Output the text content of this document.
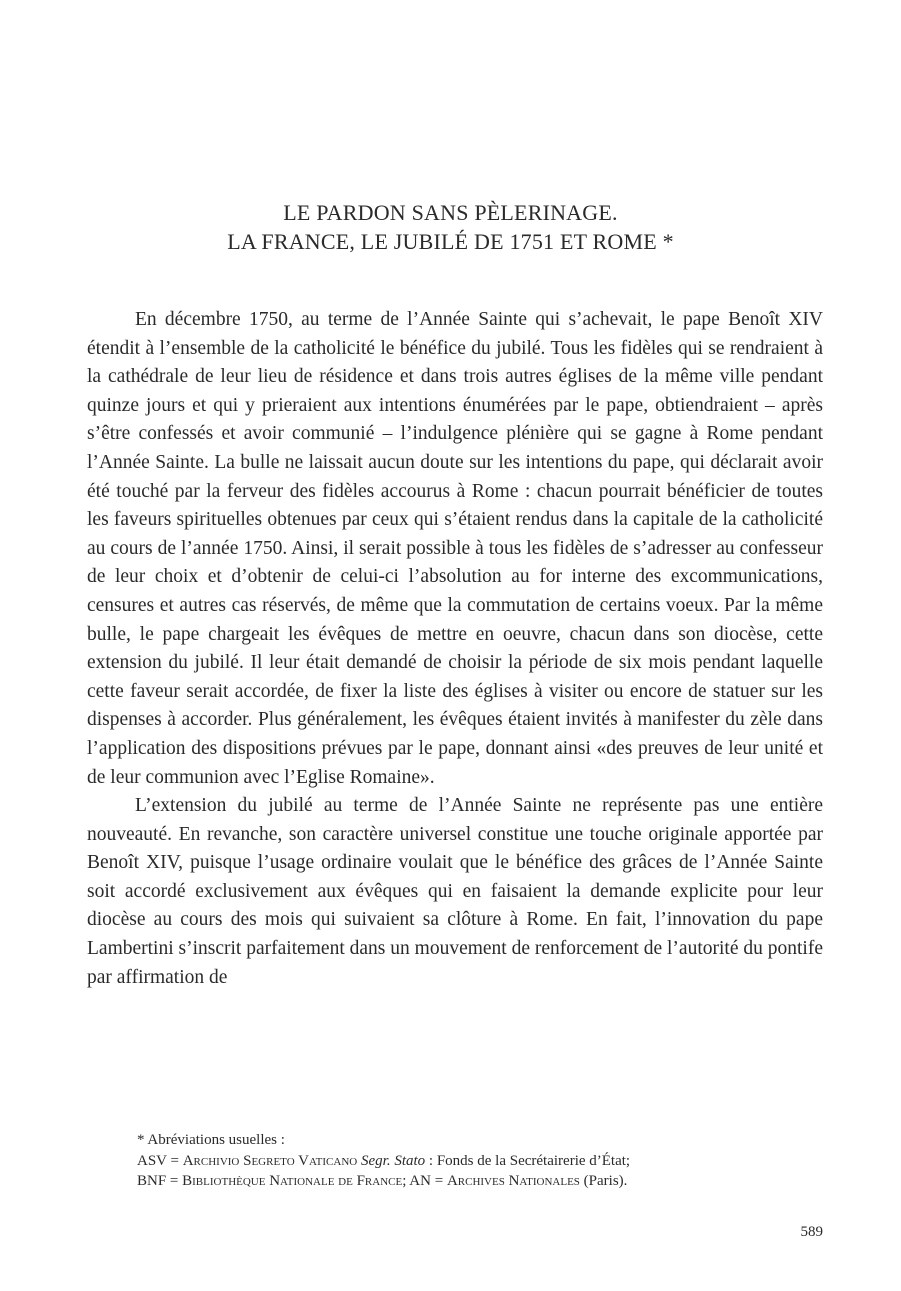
LE PARDON SANS PÈLERINAGE.
LA FRANCE, LE JUBILÉ DE 1751 ET ROME *

En décembre 1750, au terme de l’Année Sainte qui s’achevait, le pape Benoît XIV étendit à l’ensemble de la catholicité le bénéfice du jubilé. Tous les fidèles qui se rendraient à la cathédrale de leur lieu de résidence et dans trois autres églises de la même ville pendant quinze jours et qui y prieraient aux intentions énumérées par le pape, obtiendraient – après s’être confessés et avoir communié – l’indulgence plénière qui se gagne à Rome pendant l’Année Sainte. La bulle ne laissait aucun doute sur les intentions du pape, qui déclarait avoir été touché par la ferveur des fidèles accourus à Rome : chacun pourrait bénéficier de toutes les faveurs spirituelles obtenues par ceux qui s’étaient rendus dans la capitale de la catholicité au cours de l’année 1750. Ainsi, il serait possible à tous les fidèles de s’adresser au confesseur de leur choix et d’obtenir de celui-ci l’absolution au for interne des excommunications, censures et autres cas réservés, de même que la commutation de certains voeux. Par la même bulle, le pape chargeait les évêques de mettre en oeuvre, chacun dans son diocèse, cette extension du jubilé. Il leur était demandé de choisir la période de six mois pendant laquelle cette faveur serait accordée, de fixer la liste des églises à visiter ou encore de statuer sur les dispenses à accorder. Plus généralement, les évêques étaient invités à manifester du zèle dans l’application des dispositions prévues par le pape, donnant ainsi «des preuves de leur unité et de leur communion avec l’Eglise Romaine».

L’extension du jubilé au terme de l’Année Sainte ne représente pas une entière nouveauté. En revanche, son caractère universel constitue une touche originale apportée par Benoît XIV, puisque l’usage ordinaire voulait que le bénéfice des grâces de l’Année Sainte soit accordé exclusivement aux évêques qui en faisaient la demande explicite pour leur diocèse au cours des mois qui suivaient sa clôture à Rome. En fait, l’innovation du pape Lambertini s’inscrit parfaitement dans un mouvement de renforcement de l’autorité du pontife par affirmation de

* Abréviations usuelles :
ASV = Archivio Segreto Vaticano Segr. Stato : Fonds de la Secrétairerie d’État;
BNF = Bibliothèque Nationale de France; AN = Archives Nationales (Paris).
589
